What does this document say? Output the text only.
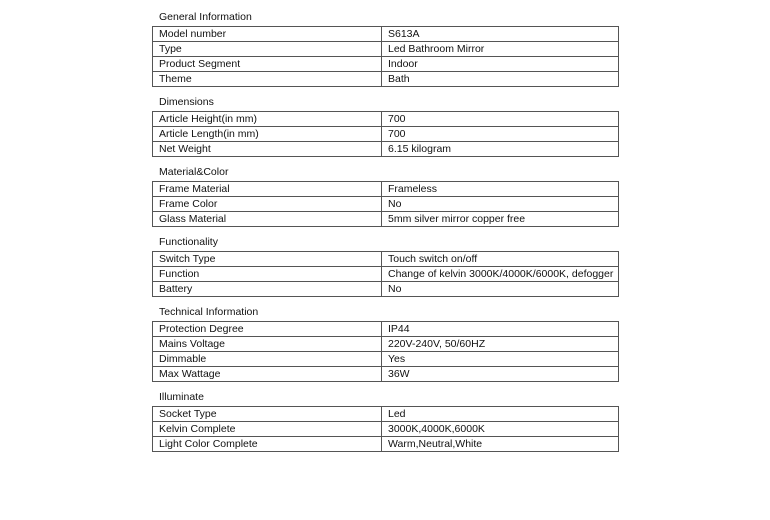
General Information
Model number	S613A
Type	Led Bathroom Mirror
Product Segment	Indoor
Theme	Bath
Dimensions
Article Height(in mm)	700
Article Length(in mm)	700
Net Weight	6.15 kilogram
Material&Color
Frame Material	Frameless
Frame Color	No
Glass Material	5mm silver mirror copper free
Functionality
Switch Type	Touch switch on/off
Function	Change of kelvin 3000K/4000K/6000K, defogger
Battery	No
Technical Information
Protection Degree	IP44
Mains Voltage	220V-240V, 50/60HZ
Dimmable	Yes
Max Wattage	36W
Illuminate
Socket Type	Led
Kelvin Complete	3000K,4000K,6000K
Light Color Complete	Warm,Neutral,White
